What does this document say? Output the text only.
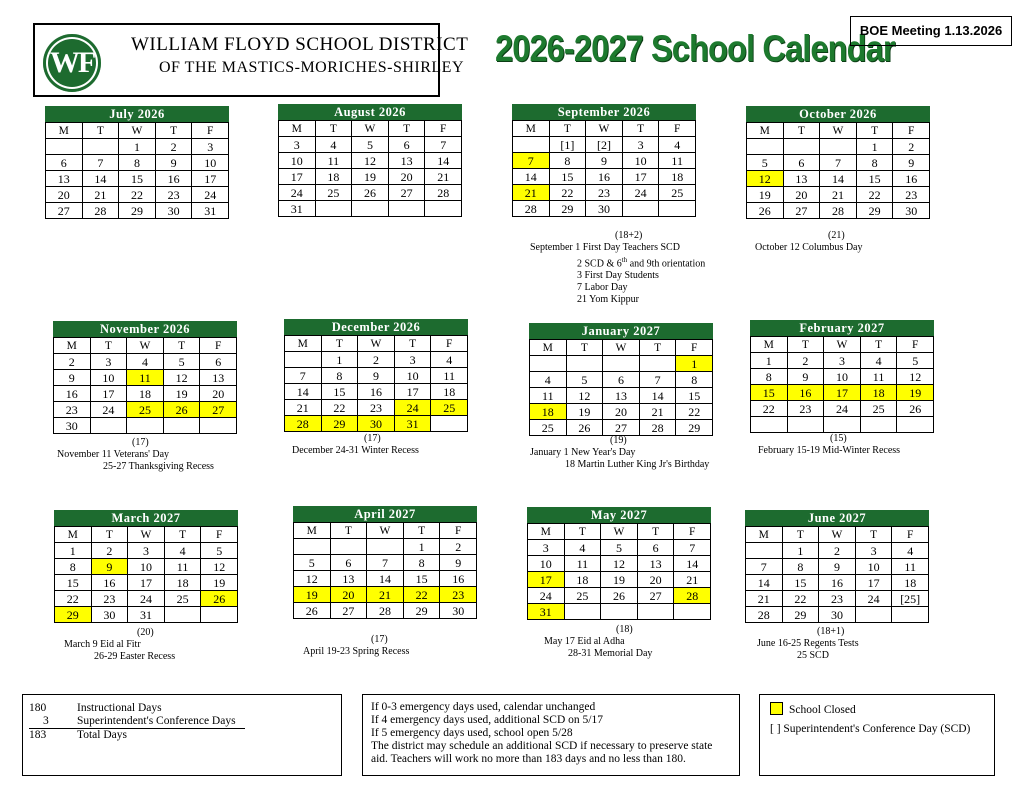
WF
WILLIAM FLOYD SCHOOL DISTRICT
OF THE MASTICS-MORICHES-SHIRLEY 2026-2027 School Calendar
BOE Meeting 1.13.2026
July 2026
M	T	W	T	F
		1	2	3
6	7	8	9	10
13	14	15	16	17
20	21	22	23	24
27	28	29	30	31
August 2026
M	T	W	T	F
3	4	5	6	7
10	11	12	13	14
17	18	19	20	21
24	25	26	27	28
31				
September 2026
M	T	W	T	F
	[1]	[2]	3	4
7	8	9	10	11
14	15	16	17	18
21	22	23	24	25
28	29	30		
October 2026
M	T	W	T	F
			1	2
5	6	7	8	9
12	13	14	15	16
19	20	21	22	23
26	27	28	29	30
November 2026
M	T	W	T	F
2	3	4	5	6
9	10	11	12	13
16	17	18	19	20
23	24	25	26	27
30				
December 2026
M	T	W	T	F
	1	2	3	4
7	8	9	10	11
14	15	16	17	18
21	22	23	24	25
28	29	30	31	
January 2027
M	T	W	T	F
				1
4	5	6	7	8
11	12	13	14	15
18	19	20	21	22
25	26	27	28	29
February 2027
M	T	W	T	F
1	2	3	4	5
8	9	10	11	12
15	16	17	18	19
22	23	24	25	26

March 2027
M	T	W	T	F
1	2	3	4	5
8	9	10	11	12
15	16	17	18	19
22	23	24	25	26
29	30	31		
April 2027
M	T	W	T	F
			1	2
5	6	7	8	9
12	13	14	15	16
19	20	21	22	23
26	27	28	29	30
May 2027
M	T	W	T	F
3	4	5	6	7
10	11	12	13	14
17	18	19	20	21
24	25	26	27	28
31				
June 2027
M	T	W	T	F
	1	2	3	4
7	8	9	10	11
14	15	16	17	18
21	22	23	24	[25]
28	29	30		
(18+2)
September 1 First Day Teachers SCD
2 SCD & 6th and 9th orientation
3 First Day Students
7 Labor Day
21 Yom Kippur
(21)
October 12 Columbus Day
(17)
November 11 Veterans' Day
25-27 Thanksgiving Recess
(17)
December 24-31 Winter Recess
(19)
January 1 New Year's Day
18 Martin Luther King Jr's Birthday
(15)
February 15-19 Mid-Winter Recess
(20)
March 9 Eid al Fitr
26-29 Easter Recess
(17)
April 19-23 Spring Recess
(18)
May 17 Eid al Adha
28-31 Memorial Day
(18+1)
June 16-25 Regents Tests
25 SCD
180	Instructional Days
3 Superintendent's Conference Days
183	Total Days
If 0-3 emergency days used, calendar unchanged
If 4 emergency days used, additional SCD on 5/17
If 5 emergency days used, school open 5/28
The district may schedule an additional SCD if necessary to preserve state
aid. Teachers will work no more than 183 days and no less than 180.
School Closed
[ ] Superintendent's Conference Day (SCD)
